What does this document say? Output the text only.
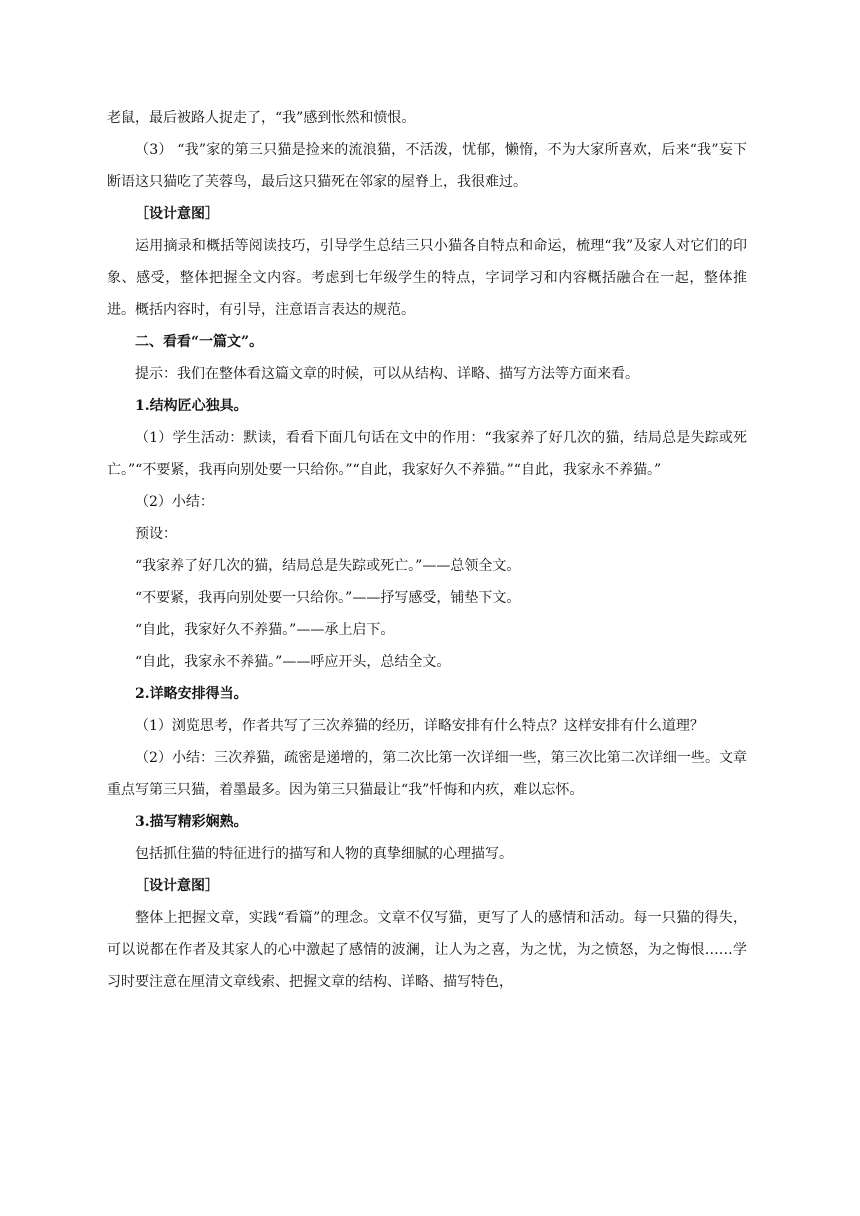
老鼠，最后被路人捉走了，“我”感到怅然和愤恨。

（3） “我”家的第三只猫是捡来的流浪猫，不活泼，忧郁，懒惰，不为大家所喜欢，后来“我”妄下断语这只猫吃了芙蓉鸟，最后这只猫死在邻家的屋脊上，我很难过。

［设计意图］

运用摘录和概括等阅读技巧，引导学生总结三只小猫各自特点和命运，梳理“我”及家人对它们的印象、感受，整体把握全文内容。考虑到七年级学生的特点，字词学习和内容概括融合在一起，整体推进。概括内容时，有引导，注意语言表达的规范。

二、看看“一篇文”。

提示：我们在整体看这篇文章的时候，可以从结构、详略、描写方法等方面来看。

1.结构匠心独具。

（1）学生活动：默读，看看下面几句话在文中的作用：“我家养了好几次的猫，结局总是失踪或死亡。”“不要紧，我再向别处要一只给你。”“自此，我家好久不养猫。”“自此，我家永不养猫。”

（2）小结：

预设：

“我家养了好几次的猫，结局总是失踪或死亡。”——总领全文。

“不要紧，我再向别处要一只给你。”——抒写感受，铺垫下文。

“自此，我家好久不养猫。”——承上启下。

“自此，我家永不养猫。”——呼应开头，总结全文。

2.详略安排得当。

（1）浏览思考，作者共写了三次养猫的经历，详略安排有什么特点？这样安排有什么道理？

（2）小结：三次养猫，疏密是递增的，第二次比第一次详细一些，第三次比第二次详细一些。文章重点写第三只猫，着墨最多。因为第三只猫最让“我”忏悔和内疚，难以忘怀。

3.描写精彩娴熟。

包括抓住猫的特征进行的描写和人物的真挚细腻的心理描写。

［设计意图］

整体上把握文章，实践“看篇”的理念。文章不仅写猫，更写了人的感情和活动。每一只猫的得失，可以说都在作者及其家人的心中激起了感情的波澜，让人为之喜，为之忧，为之愤怒，为之悔恨……学习时要注意在厘清文章线索、把握文章的结构、详略、描写特色，
